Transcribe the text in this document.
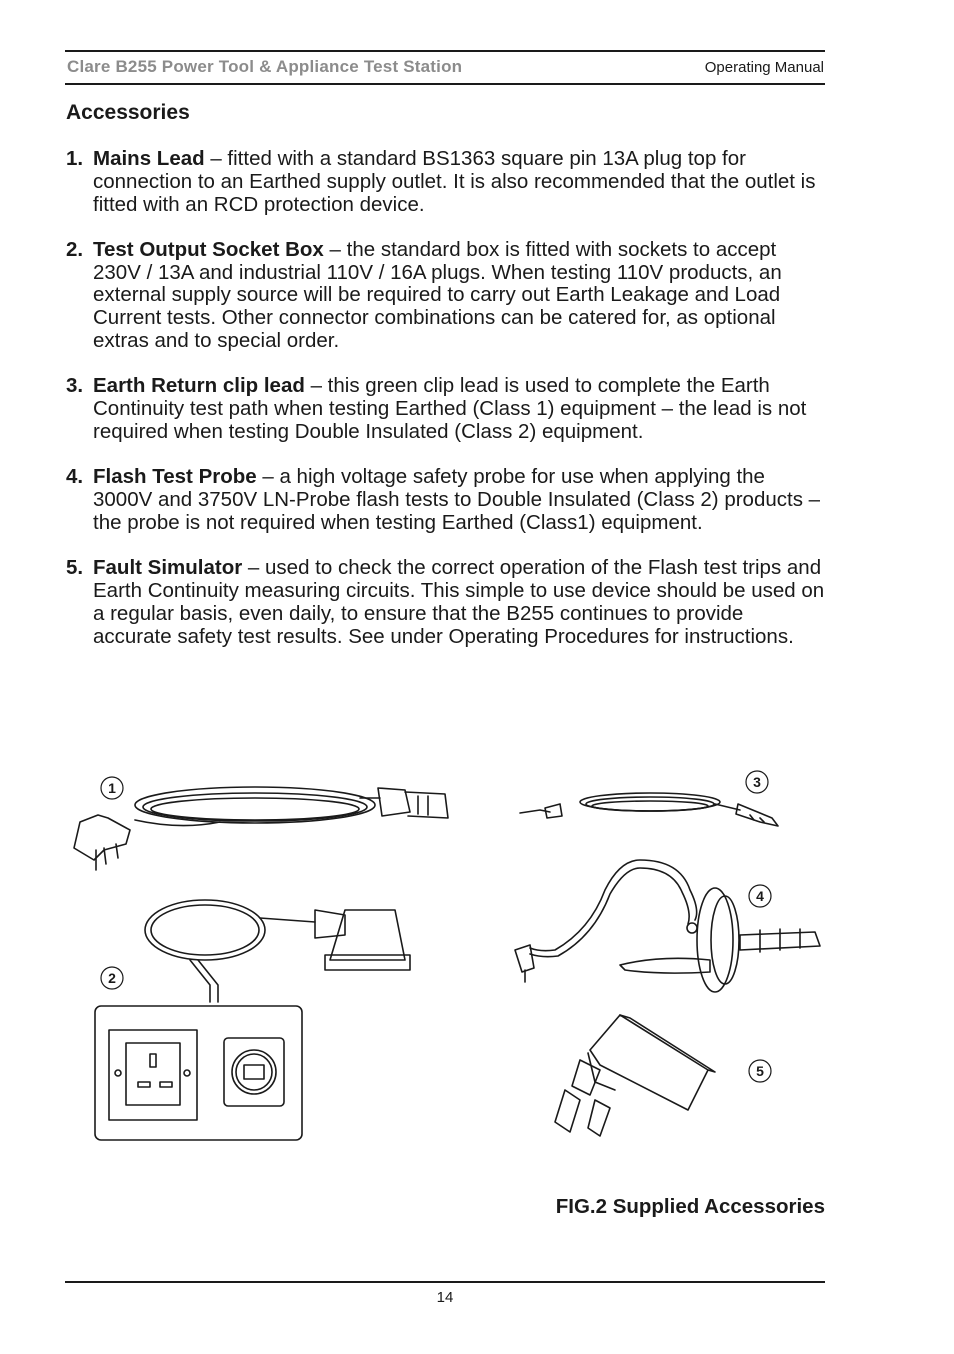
Clare B255 Power Tool & Appliance Test Station	Operating Manual
Accessories
1. Mains Lead – fitted with a standard BS1363 square pin 13A plug top for connection to an Earthed supply outlet. It is also recommended that the outlet is fitted with an RCD protection device.
2. Test Output Socket Box – the standard box is fitted with sockets to accept 230V / 13A and industrial 110V / 16A plugs. When testing 110V products, an external supply source will be required to carry out Earth Leakage and Load Current tests. Other connector combinations can be catered for, as optional extras and to special order.
3. Earth Return clip lead – this green clip lead is used to complete the Earth Continuity test path when testing Earthed (Class 1) equipment – the lead is not required when testing Double Insulated (Class 2) equipment.
4. Flash Test Probe – a high voltage safety probe for use when applying the 3000V and 3750V LN-Probe flash tests to Double Insulated (Class 2) products – the probe is not required when testing Earthed (Class1) equipment.
5. Fault Simulator – used to check the correct operation of the Flash test trips and Earth Continuity measuring circuits. This simple to use device should be used on a regular basis, even daily, to ensure that the B255 continues to provide accurate safety test results. See under Operating Procedures for instructions.
1
2
3
4
5
FIG.2 Supplied Accessories
14
